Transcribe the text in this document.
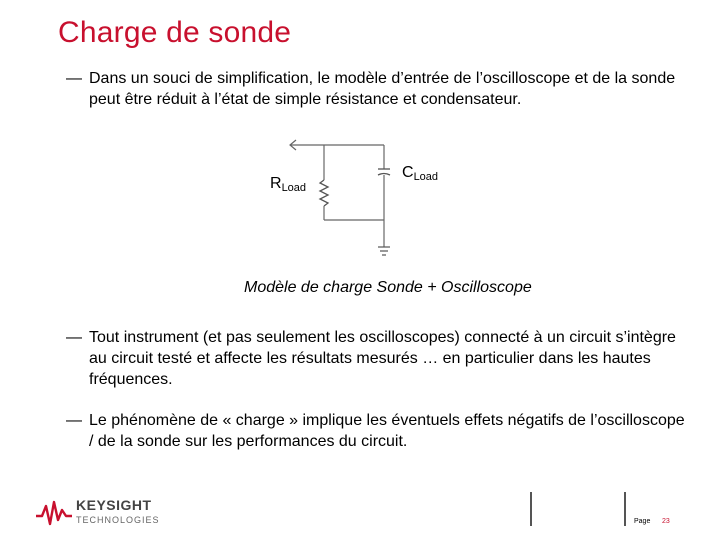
Charge de sonde
— Dans un souci de simplification, le modèle d’entrée de l’oscilloscope et de la sonde peut être réduit à l’état de simple résistance et condensateur.
$R_{Load}$
$C_{Load}$
Modèle de charge Sonde + Oscilloscope
— Tout instrument (et pas seulement les oscilloscopes) connecté à un circuit s’intègre au circuit testé et affecte les résultats mesurés … en particulier dans les hautes fréquences.
— Le phénomène de « charge » implique les éventuels effets négatifs de l’oscilloscope / de la sonde sur les performances du circuit.
KEYSIGHT
TECHNOLOGIES	Page 23
